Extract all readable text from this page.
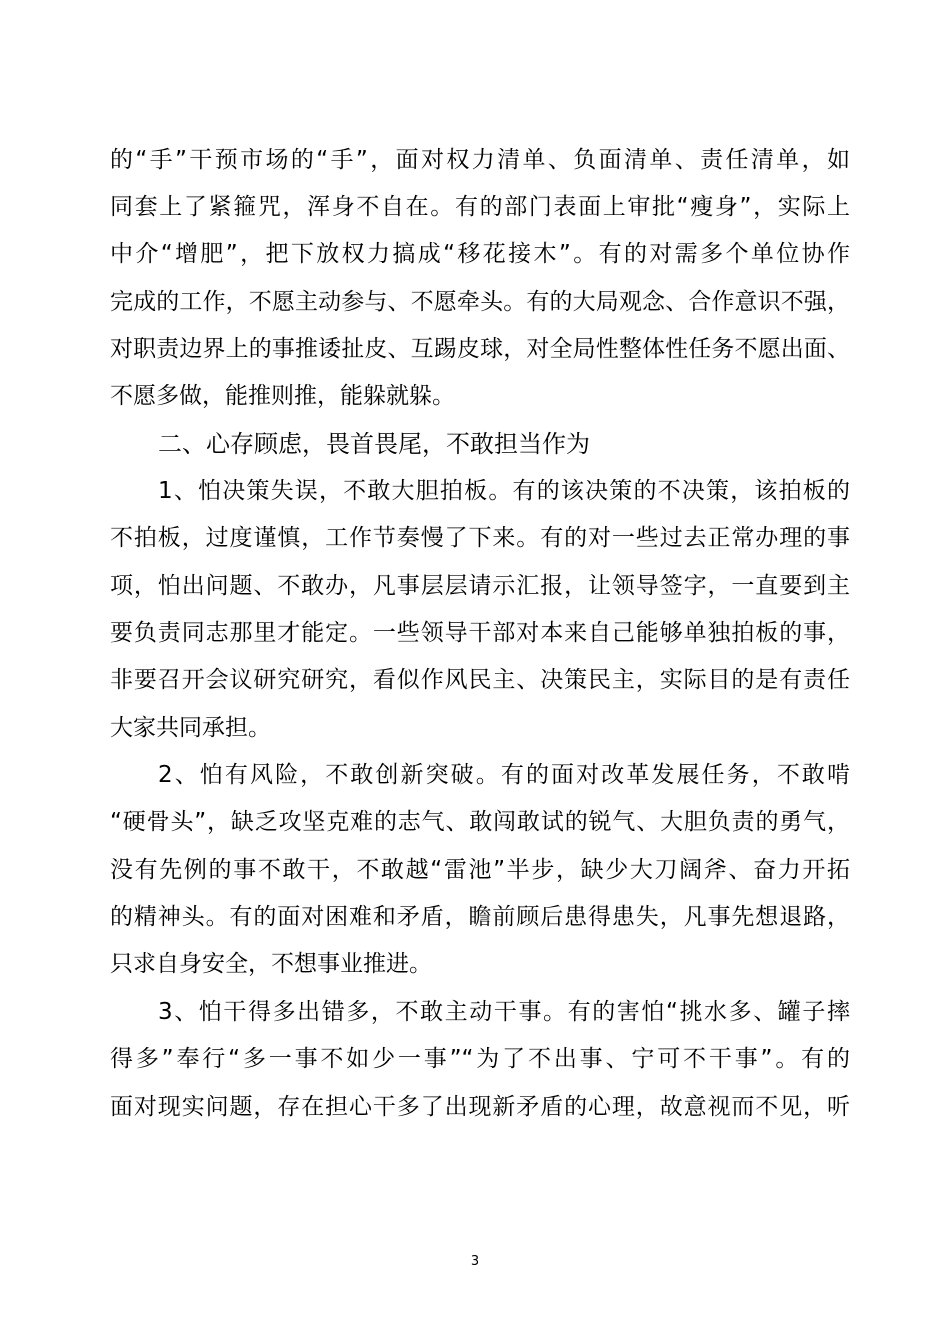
的“手”干预市场的“手”，面对权力清单、负面清单、责任清单，如
同套上了紧箍咒，浑身不自在。有的部门表面上审批“瘦身”，实际上
中介“增肥”，把下放权力搞成“移花接木”。有的对需多个单位协作
完成的工作，不愿主动参与、不愿牵头。有的大局观念、合作意识不强，
对职责边界上的事推诿扯皮、互踢皮球，对全局性整体性任务不愿出面、
不愿多做，能推则推，能躲就躲。
二、心存顾虑，畏首畏尾，不敢担当作为
1、怕决策失误，不敢大胆拍板。有的该决策的不决策，该拍板的
不拍板，过度谨慎，工作节奏慢了下来。有的对一些过去正常办理的事
项，怕出问题、不敢办，凡事层层请示汇报，让领导签字，一直要到主
要负责同志那里才能定。一些领导干部对本来自己能够单独拍板的事，
非要召开会议研究研究，看似作风民主、决策民主，实际目的是有责任
大家共同承担。
2、怕有风险，不敢创新突破。有的面对改革发展任务，不敢啃
“硬骨头”，缺乏攻坚克难的志气、敢闯敢试的锐气、大胆负责的勇气，
没有先例的事不敢干，不敢越“雷池”半步，缺少大刀阔斧、奋力开拓
的精神头。有的面对困难和矛盾，瞻前顾后患得患失，凡事先想退路，
只求自身安全，不想事业推进。
3、怕干得多出错多，不敢主动干事。有的害怕“挑水多、罐子摔
得多”奉行“多一事不如少一事”“为了不出事、宁可不干事”。有的
面对现实问题，存在担心干多了出现新矛盾的心理，故意视而不见，听
3
